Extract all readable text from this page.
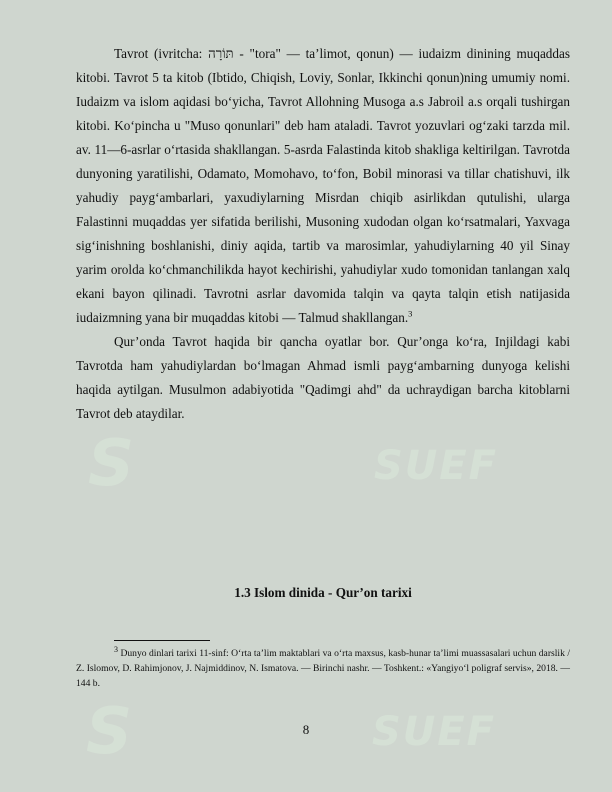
S	SUEF
S	SUEF

Tavrot (ivritcha: תּוֹרָה - "tora" — ta’limot, qonun) — iudaizm dinining muqaddas kitobi. Tavrot 5 ta kitob (Ibtido, Chiqish, Loviy, Sonlar, Ikkinchi qonun)ning umumiy nomi. Iudaizm va islom aqidasi bo‘yicha, Tavrot Allohning Musoga a.s Jabroil a.s orqali tushirgan kitobi. Ko‘pincha u "Muso qonunlari" deb ham ataladi. Tavrot yozuvlari og‘zaki tarzda mil. av. 11—6-asrlar o‘rtasida shakllangan. 5-asrda Falastinda kitob shakliga keltirilgan. Tavrotda dunyoning yaratilishi, Odamato, Momohavo, to‘fon, Bobil minorasi va tillar chatishuvi, ilk yahudiy payg‘ambarlari, yaxudiylarning Misrdan chiqib asirlikdan qutulishi, ularga Falastinni muqaddas yer sifatida berilishi, Musoning xudodan olgan ko‘rsatmalari, Yaxvaga sig‘inishning boshlanishi, diniy aqida, tartib va marosimlar, yahudiylarning 40 yil Sinay yarim orolda ko‘chmanchilikda hayot kechirishi, yahudiylar xudo tomonidan tanlangan xalq ekani bayon qilinadi. Tavrotni asrlar davomida talqin va qayta talqin etish natijasida iudaizmning yana bir muqaddas kitobi — Talmud shakllangan.$^3$

Qur’onda Tavrot haqida bir qancha oyatlar bor. Qur’onga ko‘ra, Injildagi kabi Tavrotda ham yahudiylardan bo‘lmagan Ahmad ismli payg‘ambarning dunyoga kelishi haqida aytilgan. Musulmon adabiyotida "Qadimgi ahd" da uchraydigan barcha kitoblarni Tavrot deb ataydilar.

1.3 Islom dinida - Qur’on tarixi
$^3$ Dunyo dinlari tarixi 11-sinf: O‘rta ta’lim maktablari va o‘rta maxsus, kasb-hunar ta’limi muassasalari uchun darslik / Z. Islomov, D. Rahimjonov, J. Najmiddinov, N. Ismatova. — Birinchi nashr. — Toshkent.: «Yangiyo‘l poligraf servis», 2018. — 144 b.
8
